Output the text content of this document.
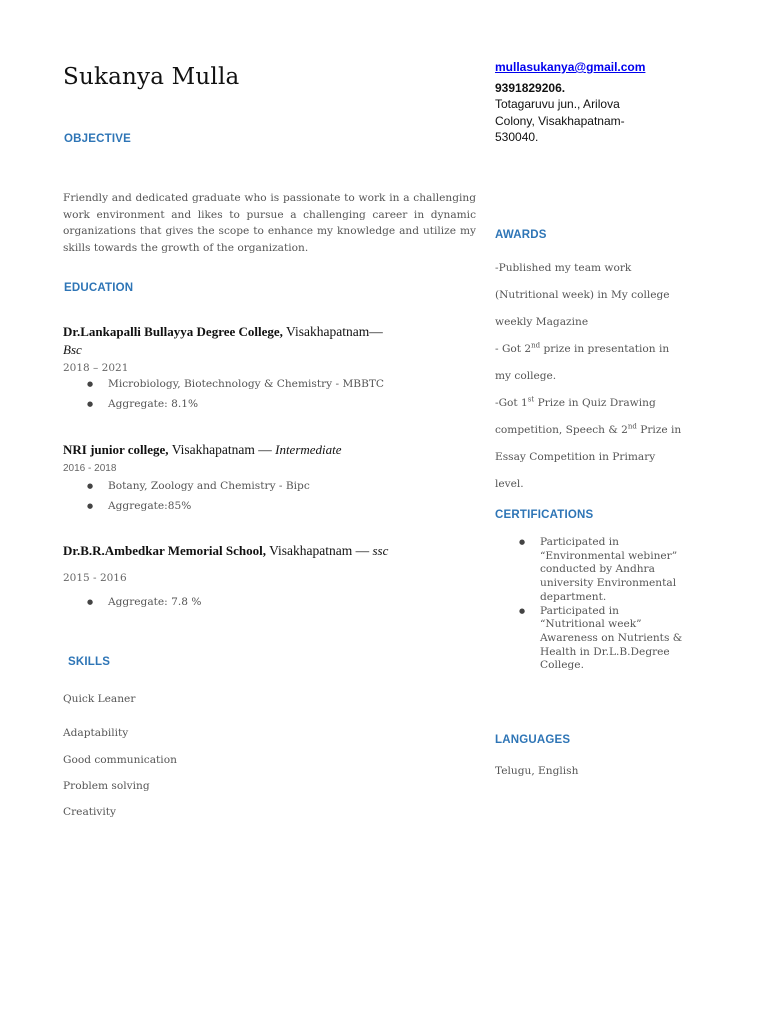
Sukanya Mulla	mullasukanya@gmail.com
9391829206.
Totagaruvu jun., Arilova
Colony, Visakhapatnam-
530040.
OBJECTIVE
Friendly and dedicated graduate who is passionate to work in a challenging work environment and likes to pursue a challenging career in dynamic organizations that gives the scope to enhance my knowledge and utilize my skills towards the growth of the organization.
EDUCATION
Dr.Lankapalli Bullayya Degree College, Visakhapatnam—
Bsc
2018 – 2021
● Microbiology, Biotechnology & Chemistry - MBBTC
● Aggregate: 8.1%
NRI junior college, Visakhapatnam — Intermediate
2016 - 2018
● Botany, Zoology and Chemistry - Bipc
● Aggregate:85%
Dr.B.R.Ambedkar Memorial School, Visakhapatnam — ssc
2015 - 2016
● Aggregate: 7.8 %
SKILLS
Quick Leaner
Adaptability
Good communication
Problem solving
Creativity
AWARDS

-Published my team work (Nutritional week) in My college weekly Magazine

- Got 2nd prize in presentation in my college.

-Got 1st Prize in Quiz Drawing competition, Speech & 2nd Prize in Essay Competition in Primary level.

CERTIFICATIONS
● Participated in “Environmental webiner” conducted by Andhra university Environmental department.
● Participated in “Nutritional week” Awareness on Nutrients & Health in Dr.L.B.Degree College.
LANGUAGES
Telugu, English
